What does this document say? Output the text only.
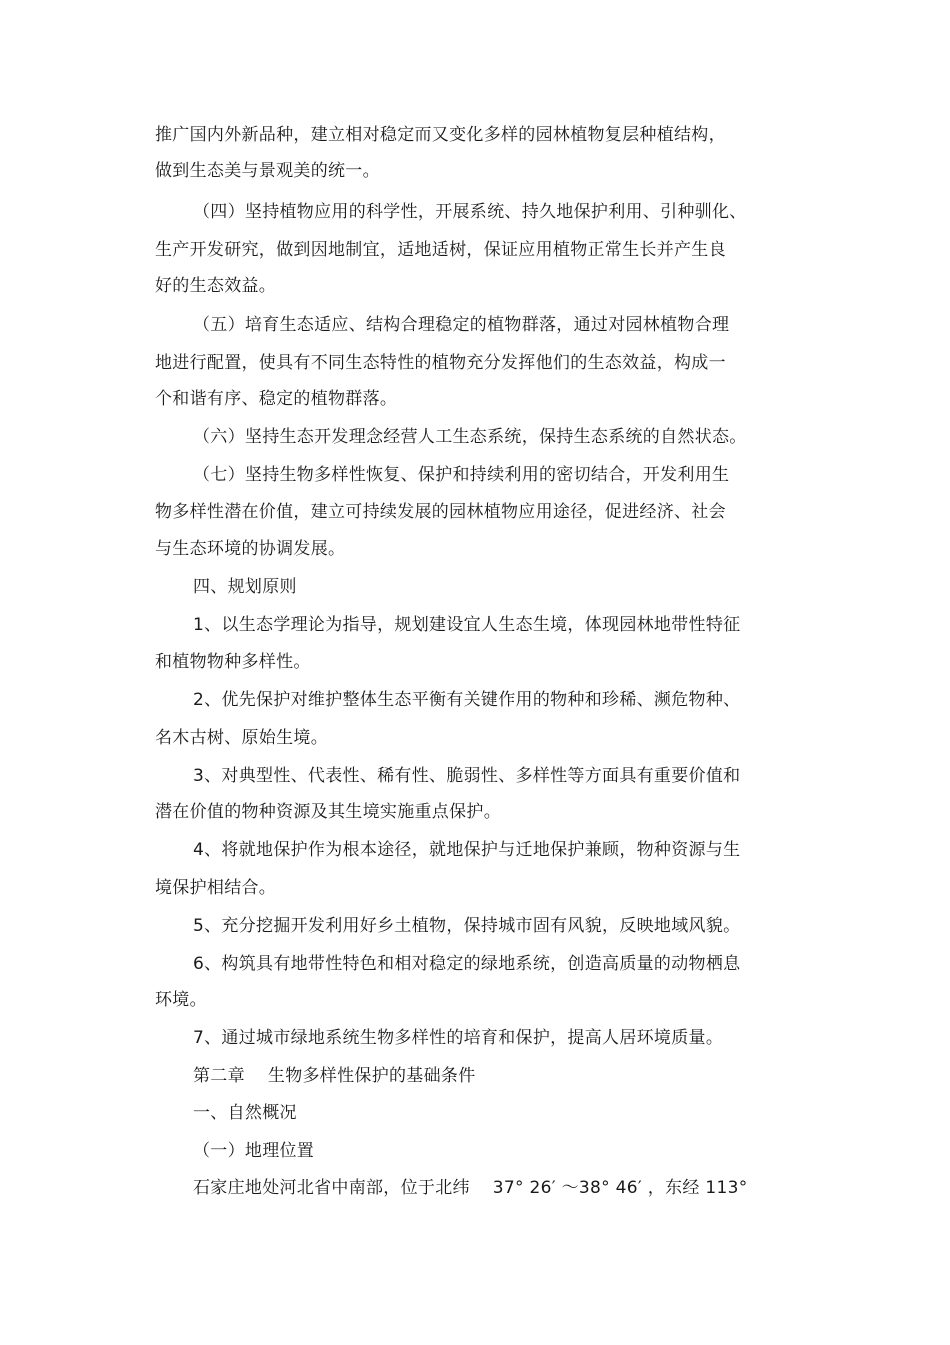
推广国内外新品种，建立相对稳定而又变化多样的园林植物复层种植结构，
做到生态美与景观美的统一。
（四）坚持植物应用的科学性，开展系统、持久地保护利用、引种驯化、
生产开发研究，做到因地制宜，适地适树，保证应用植物正常生长并产生良
好的生态效益。
（五）培育生态适应、结构合理稳定的植物群落，通过对园林植物合理
地进行配置，使具有不同生态特性的植物充分发挥他们的生态效益，构成一
个和谐有序、稳定的植物群落。
（六）坚持生态开发理念经营人工生态系统，保持生态系统的自然状态。
（七）坚持生物多样性恢复、保护和持续利用的密切结合，开发利用生
物多样性潜在价值，建立可持续发展的园林植物应用途径，促进经济、社会
与生态环境的协调发展。
四、规划原则
1、以生态学理论为指导，规划建设宜人生态生境，体现园林地带性特征
和植物物种多样性。
2、优先保护对维护整体生态平衡有关键作用的物种和珍稀、濒危物种、
名木古树、原始生境。
3、对典型性、代表性、稀有性、脆弱性、多样性等方面具有重要价值和
潜在价值的物种资源及其生境实施重点保护。
4、将就地保护作为根本途径，就地保护与迁地保护兼顾，物种资源与生
境保护相结合。
5、充分挖掘开发利用好乡土植物，保持城市固有风貌，反映地域风貌。
6、构筑具有地带性特色和相对稳定的绿地系统，创造高质量的动物栖息
环境。
7、通过城市绿地系统生物多样性的培育和保护，提高人居环境质量。
第二章　 生物多样性保护的基础条件
一、自然概况
（一）地理位置
石家庄地处河北省中南部，位于北纬　 37° 26′ ～38° 46′ ，东经 113°
